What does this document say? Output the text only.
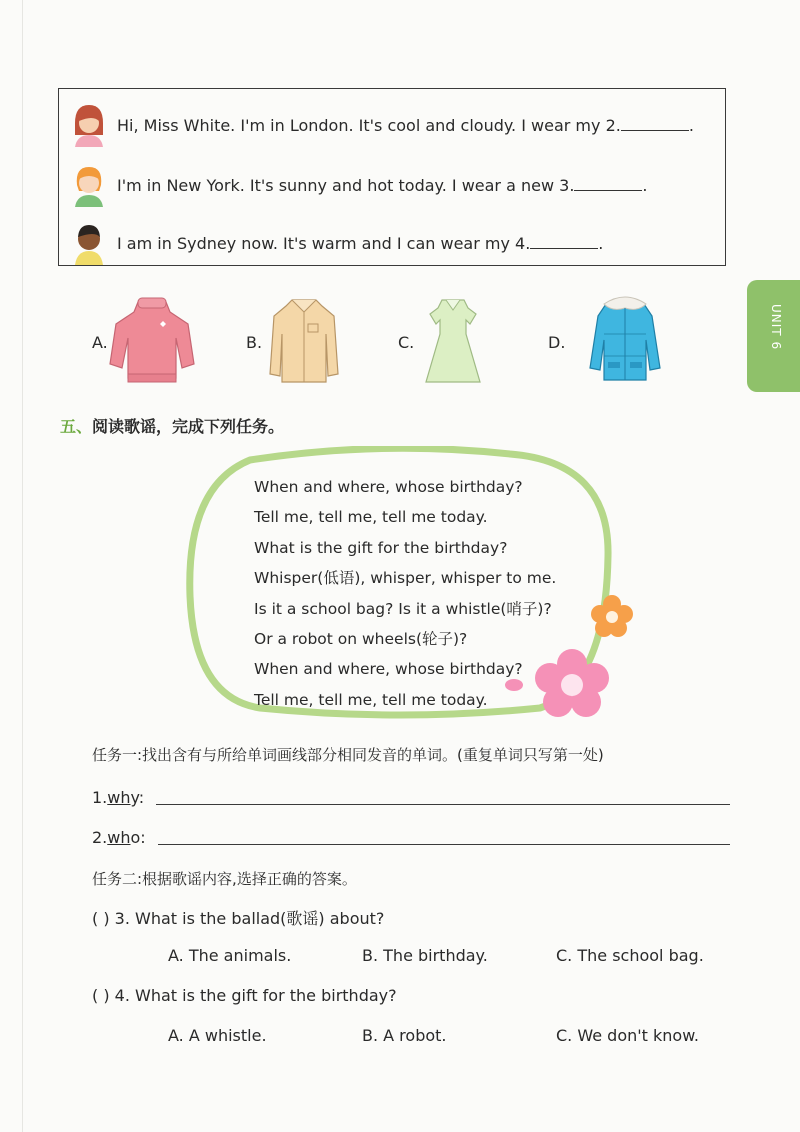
Hi, Miss White. I'm in London. It's cool and cloudy. I wear my 2.	.
I'm in New York. It's sunny and hot today. I wear a new 3.	.
I am in Sydney now. It's warm and I can wear my 4.	.
A.	B.	C.	D.	UNIT 6
五、阅读歌谣，完成下列任务。
When and where, whose birthday?
Tell me, tell me, tell me today.
What is the gift for the birthday?
Whisper(低语), whisper, whisper to me.
Is it a school bag? Is it a whistle(哨子)?
Or a robot on wheels(轮子)?
When and where, whose birthday?
Tell me, tell me, tell me today.
任务一:找出含有与所给单词画线部分相同发音的单词。(重复单词只写第一处)
1.why:
2.who:
任务二:根据歌谣内容,选择正确的答案。
( ) 3. What is the ballad(歌谣) about?
A. The animals.	B. The birthday.	C. The school bag.
( ) 4. What is the gift for the birthday?
A. A whistle.	B. A robot.	C. We don't know.
